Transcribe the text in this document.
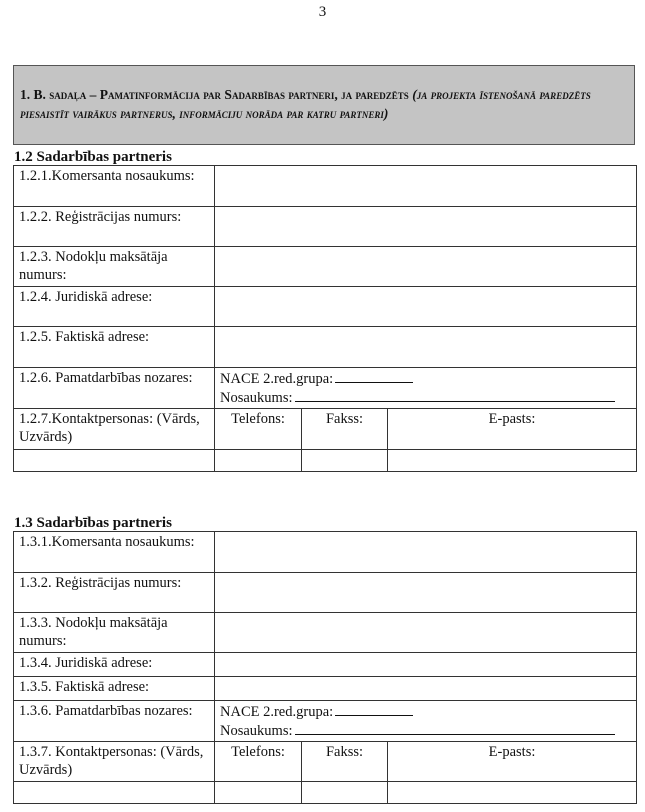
3
1. B. sadaļa – Pamatinformācija par Sadarbības partneri, ja paredzēts (ja projekta īstenošanā paredzēts piesaistīt vairākus partnerus, informāciju norāda par katru partneri)
1.2 Sadarbības partneris
1.2.1.Komersanta nosaukums:			
1.2.2. Reģistrācijas numurs:			
1.2.3. Nodokļu maksātāja numurs:			
1.2.4. Juridiskā adrese:			
1.2.5. Faktiskā adrese:			
1.2.6. Pamatdarbības nozares:	NACE 2.red.grupa:
Nosaukums:		

1.2.7.Kontaktpersonas: (Vārds, Uzvārds)	Telefons:	Fakss:	E-pasts:

1.3 Sadarbības partneris
1.3.1.Komersanta nosaukums:			
1.3.2. Reģistrācijas numurs:			
1.3.3. Nodokļu maksātāja numurs:			
1.3.4. Juridiskā adrese:			
1.3.5. Faktiskā adrese:			
1.3.6. Pamatdarbības nozares:	NACE 2.red.grupa:
Nosaukums:		

1.3.7. Kontaktpersonas: (Vārds, Uzvārds)	Telefons:	Fakss:	E-pasts:
